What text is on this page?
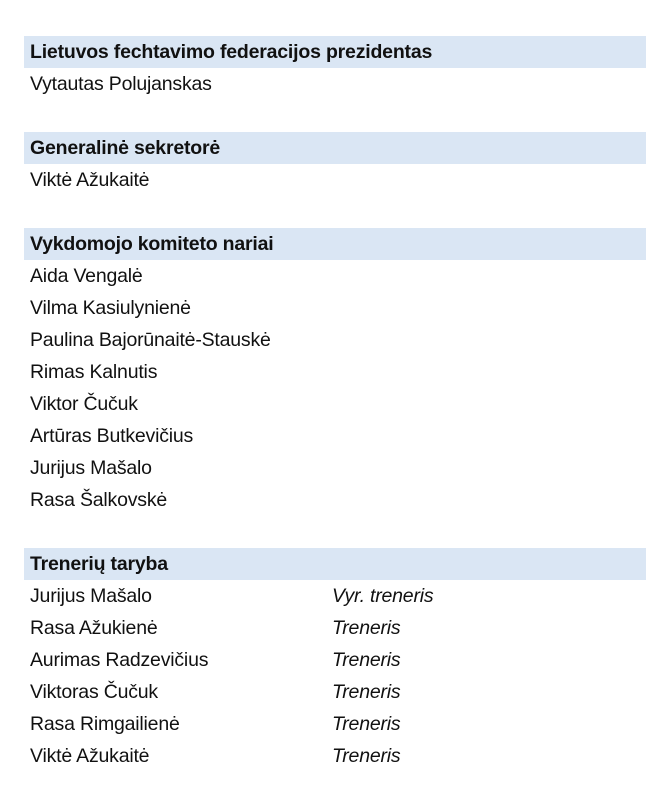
Lietuvos fechtavimo federacijos prezidentas
Vytautas Polujanskas
Generalinė sekretorė
Viktė Ažukaitė
Vykdomojo komiteto nariai
Aida Vengalė
Vilma Kasiulynienė
Paulina Bajorūnaitė-Stauskė
Rimas Kalnutis
Viktor Čučuk
Artūras Butkevičius
Jurijus Mašalo
Rasa Šalkovskė
Trenerių taryba
Jurijus Mašalo	Vyr. treneris
Rasa Ažukienė	Treneris
Aurimas Radzevičius	Treneris
Viktoras Čučuk	Treneris
Rasa Rimgailienė	Treneris
Viktė Ažukaitė	Treneris
